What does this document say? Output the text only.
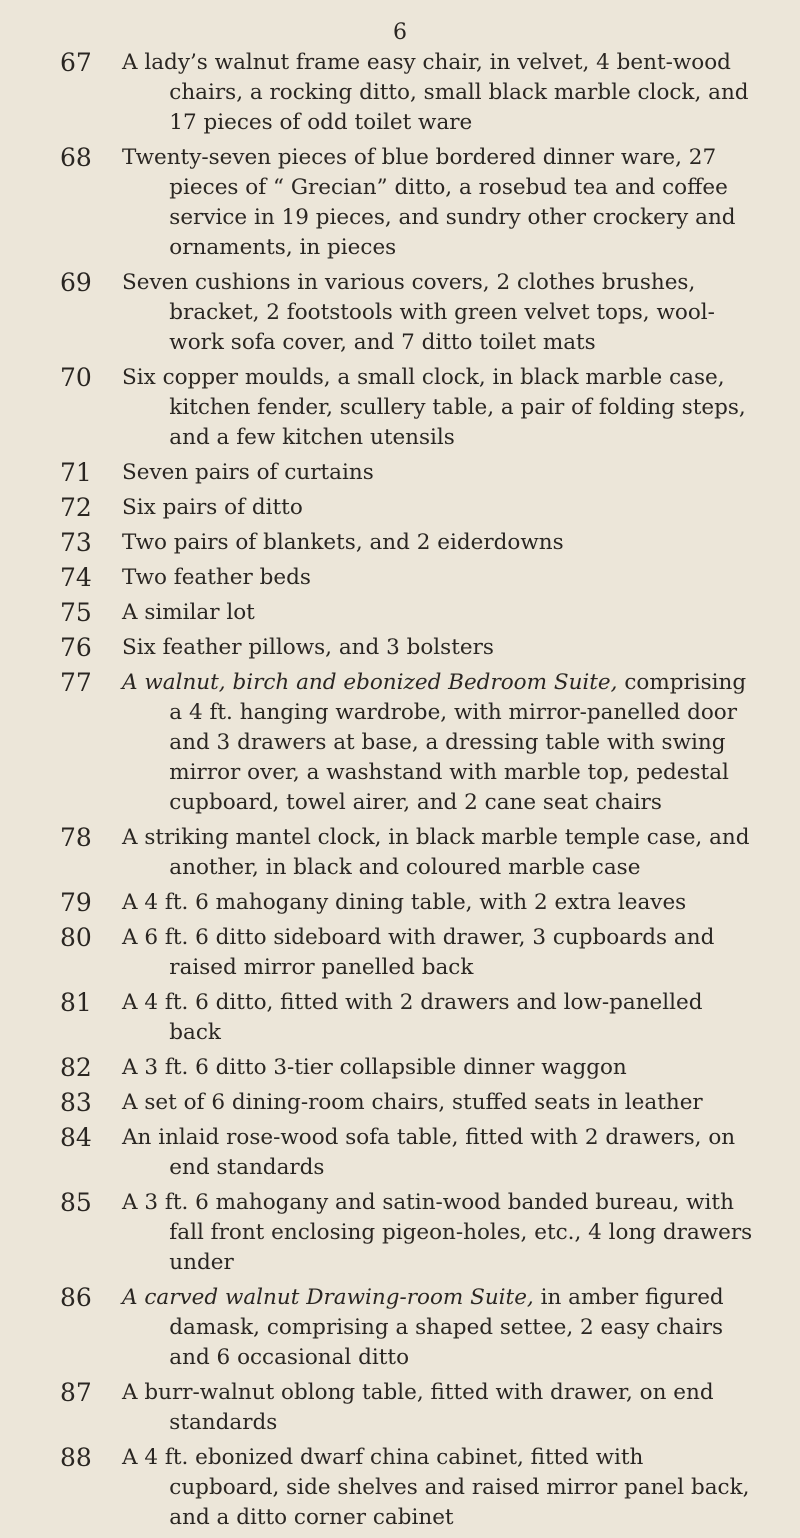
6
67	A lady’s walnut frame easy chair, in velvet, 4 bent-wood chairs, a rocking ditto, small black marble clock, and 17 pieces of odd toilet ware
68	Twenty-seven pieces of blue bordered dinner ware, 27 pieces of “ Grecian” ditto, a rosebud tea and coffee service in 19 pieces, and sundry other crockery and ornaments, in pieces
69	Seven cushions in various covers, 2 clothes brushes, bracket, 2 footstools with green velvet tops, wool-work sofa cover, and 7 ditto toilet mats
70	Six copper moulds, a small clock, in black marble case, kitchen fender, scullery table, a pair of folding steps, and a few kitchen utensils
71	Seven pairs of curtains
72	Six pairs of ditto
73	Two pairs of blankets, and 2 eiderdowns
74	Two feather beds
75	A similar lot
76	Six feather pillows, and 3 bolsters
77	A walnut, birch and ebonized Bedroom Suite, comprising a 4 ft. hanging wardrobe, with mirror-panelled door and 3 drawers at base, a dressing table with swing mirror over, a washstand with marble top, pedestal cupboard, towel airer, and 2 cane seat chairs
78	A striking mantel clock, in black marble temple case, and another, in black and coloured marble case
79	A 4 ft. 6 mahogany dining table, with 2 extra leaves
80	A 6 ft. 6 ditto sideboard with drawer, 3 cupboards and raised mirror panelled back
81	A 4 ft. 6 ditto, fitted with 2 drawers and low-panelled back
82	A 3 ft. 6 ditto 3-tier collapsible dinner waggon
83	A set of 6 dining-room chairs, stuffed seats in leather
84	An inlaid rose-wood sofa table, fitted with 2 drawers, on end standards
85	A 3 ft. 6 mahogany and satin-wood banded bureau, with fall front enclosing pigeon-holes, etc., 4 long drawers under
86	A carved walnut Drawing-room Suite, in amber figured damask, comprising a shaped settee, 2 easy chairs and 6 occasional ditto
87	A burr-walnut oblong table, fitted with drawer, on end standards
88	A 4 ft. ebonized dwarf china cabinet, fitted with cupboard, side shelves and raised mirror panel back, and a ditto corner cabinet
